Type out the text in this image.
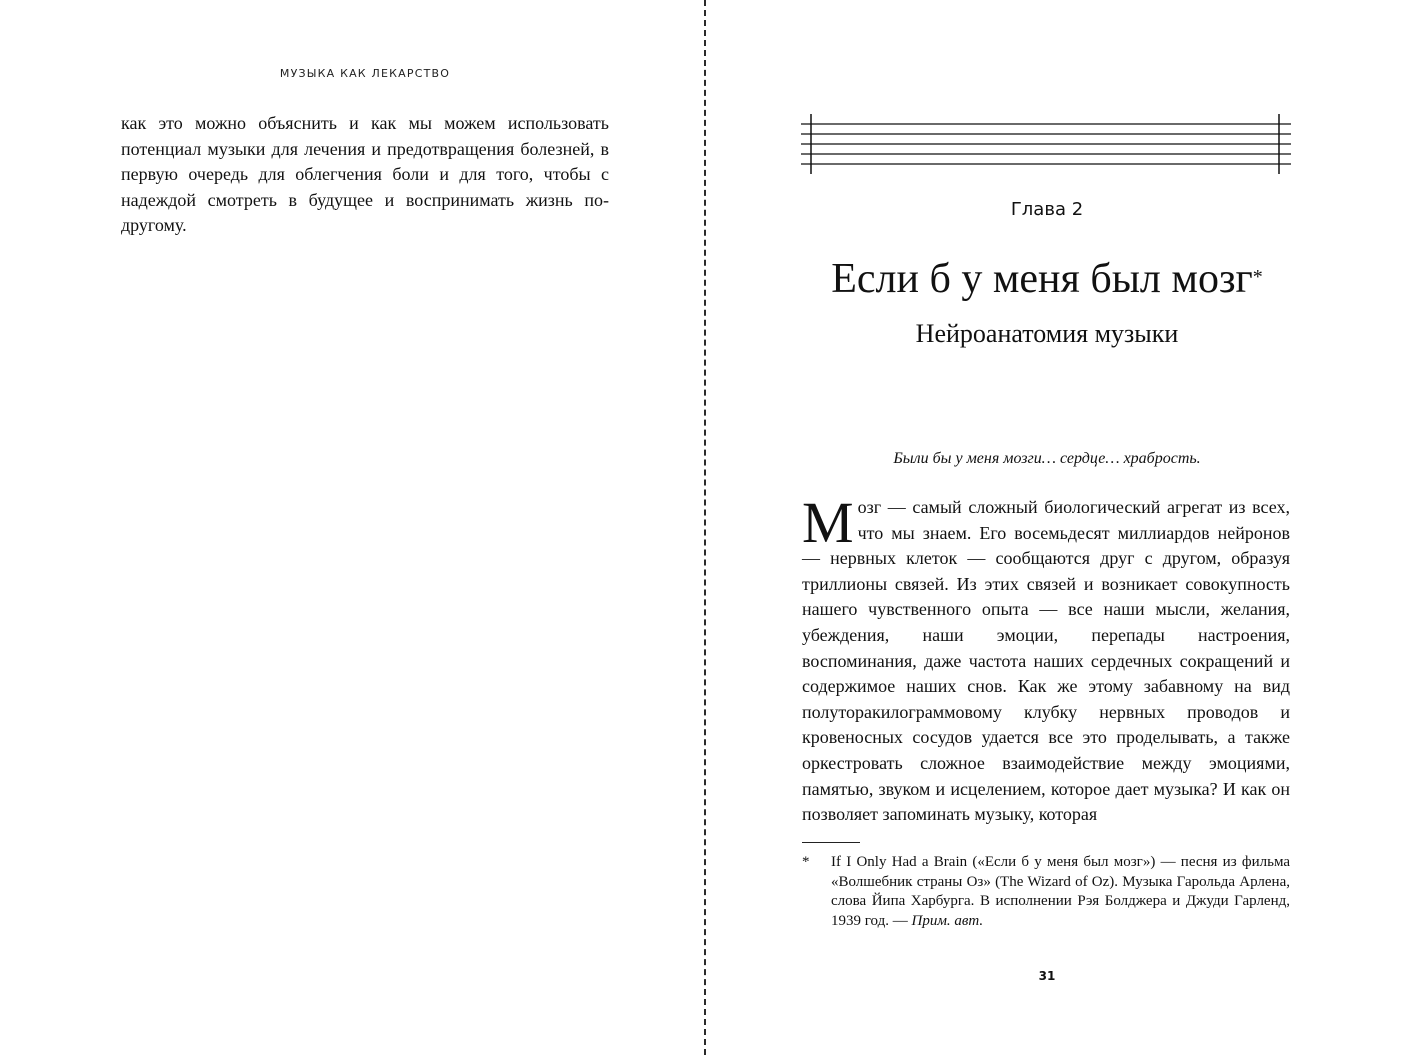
МУЗЫКА КАК ЛЕКАРСТВО

как это можно объяснить и как мы можем использовать потенциал музыки для лечения и предотвращения болезней, в первую очередь для облегчения боли и для того, чтобы с надеждой смотреть в будущее и воспринимать жизнь по-другому.

Глава 2
Если б у меня был мозг*
Нейроанатомия музыки
Были бы у меня мозги… сердце… храбрость.

Мозг — самый сложный биологический агрегат из всех, что мы знаем. Его восемьдесят миллиардов нейронов — нервных клеток — сообщаются друг с другом, образуя триллионы связей. Из этих связей и возникает совокупность нашего чувственного опыта — все наши мысли, желания, убеждения, наши эмоции, перепады настроения, воспоминания, даже частота наших сердечных сокращений и содержимое наших снов. Как же этому забавному на вид полуторакилограммовому клубку нервных проводов и кровеносных сосудов удается все это проделывать, а также оркестровать сложное взаимодействие между эмоциями, памятью, звуком и исцелением, которое дает музыка? И как он позволяет запоминать музыку, которая

* If I Only Had a Brain («Если б у меня был мозг») — песня из фильма «Волшебник страны Оз» (The Wizard of Oz). Музыка Гарольда Арлена, слова Йипа Харбурга. В исполнении Рэя Болджера и Джуди Гарленд, 1939 год. — Прим. авт.
31
